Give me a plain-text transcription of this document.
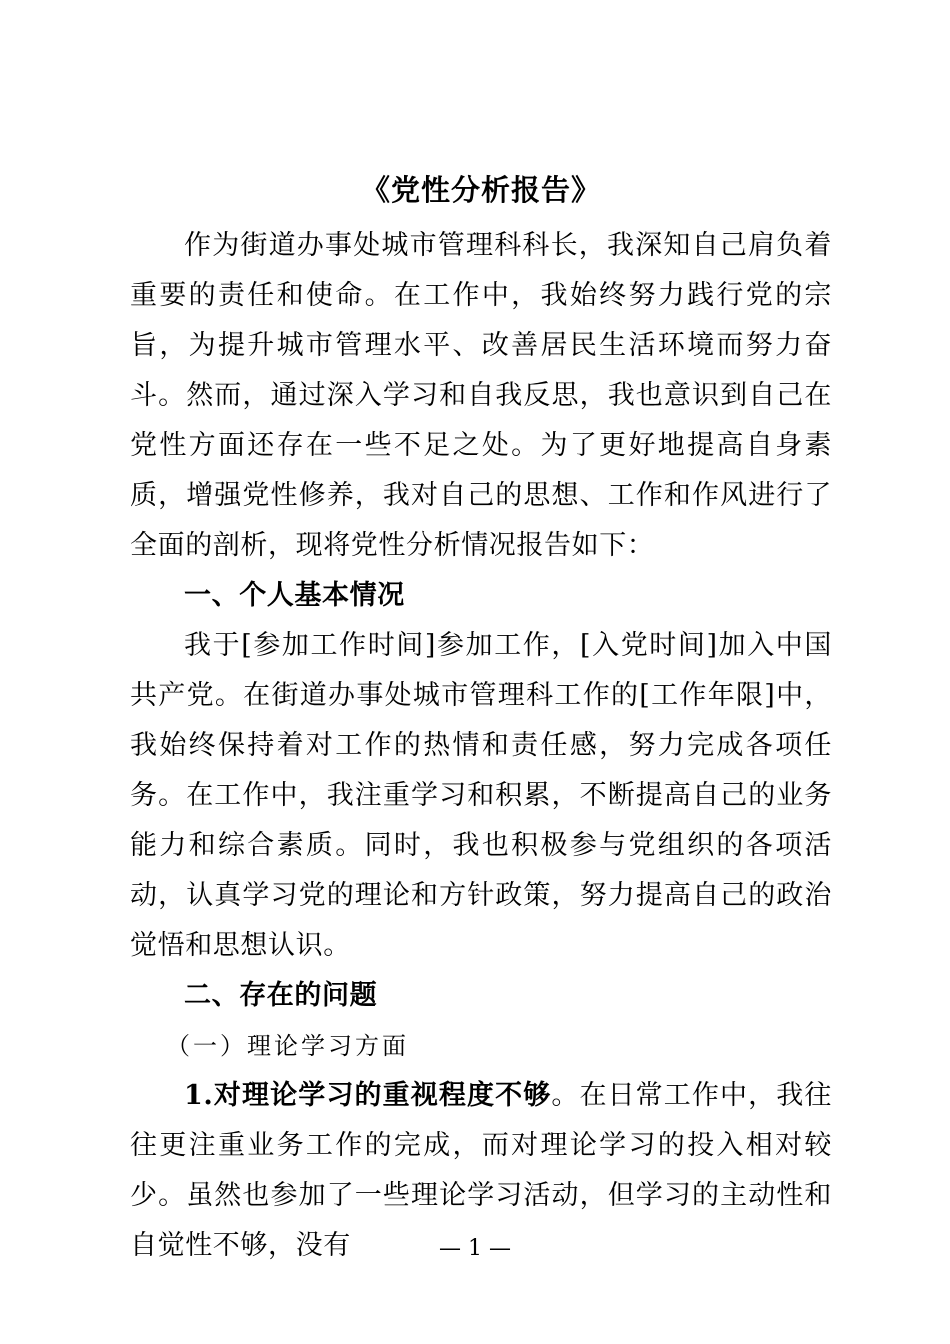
《党性分析报告》

作为街道办事处城市管理科科长，我深知自己肩负着重要的责任和使命。在工作中，我始终努力践行党的宗旨，为提升城市管理水平、改善居民生活环境而努力奋斗。然而，通过深入学习和自我反思，我也意识到自己在党性方面还存在一些不足之处。为了更好地提高自身素质，增强党性修养，我对自己的思想、工作和作风进行了全面的剖析，现将党性分析情况报告如下：

一、个人基本情况

我于[参加工作时间]参加工作，[入党时间]加入中国共产党。在街道办事处城市管理科工作的[工作年限]中，我始终保持着对工作的热情和责任感，努力完成各项任务。在工作中，我注重学习和积累，不断提高自己的业务能力和综合素质。同时，我也积极参与党组织的各项活动，认真学习党的理论和方针政策，努力提高自己的政治觉悟和思想认识。

二、存在的问题

（一）理论学习方面

1.对理论学习的重视程度不够。在日常工作中，我往往更注重业务工作的完成，而对理论学习的投入相对较少。虽然也参加了一些理论学习活动，但学习的主动性和自觉性不够，没有	— 1 —
